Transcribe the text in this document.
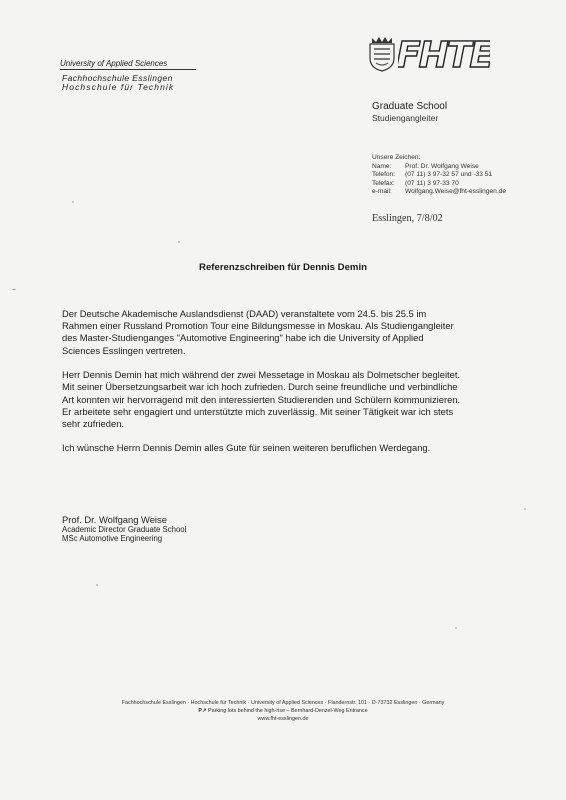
University of Applied Sciences
Fachhochschule Esslingen
Hochschule für Technik
FHTE
Graduate School
Studiengangleiter
Unsere Zeichen:
Name:	Prof. Dr. Wolfgang Weise
Telefon:	(07 11) 3 97-32 57 und -33 51
Telefax:	(07 11) 3 97-33 70
e-mail:	Wolfgang.Weise@fht-esslingen.de
Esslingen, 7/8/02
Referenzschreiben für Dennis Demin

Der Deutsche Akademische Auslandsdienst (DAAD) veranstaltete vom 24.5. bis 25.5 im
Rahmen einer Russland Promotion Tour eine Bildungsmesse in Moskau. Als Studiengangleiter
des Master-Studienganges "Automotive Engineering" habe ich die University of Applied
Sciences Esslingen vertreten.

Herr Dennis Demin hat mich während der zwei Messetage in Moskau als Dolmetscher begleitet.
Mit seiner Übersetzungsarbeit war ich hoch zufrieden. Durch seine freundliche und verbindliche
Art konnten wir hervorragend mit den interessierten Studierenden und Schülern kommunizieren.
Er arbeitete sehr engagiert und unterstützte mich zuverlässig. Mit seiner Tätigkeit war ich stets
sehr zufrieden.

Ich wünsche Herrn Dennis Demin alles Gute für seinen weiteren beruflichen Werdegang.

Prof. Dr. Wolfgang Weise
Academic Director Graduate School
MSc Automotive Engineering
Fachhochschule Esslingen · Hochschule für Technik · University of Applied Sciences · Flandernstr. 101 · D-73732 Esslingen · Germany
P↗ Parking lots behind the high-rise – Bernhard-Denzel-Weg Entrance
www.fht-esslingen.de
